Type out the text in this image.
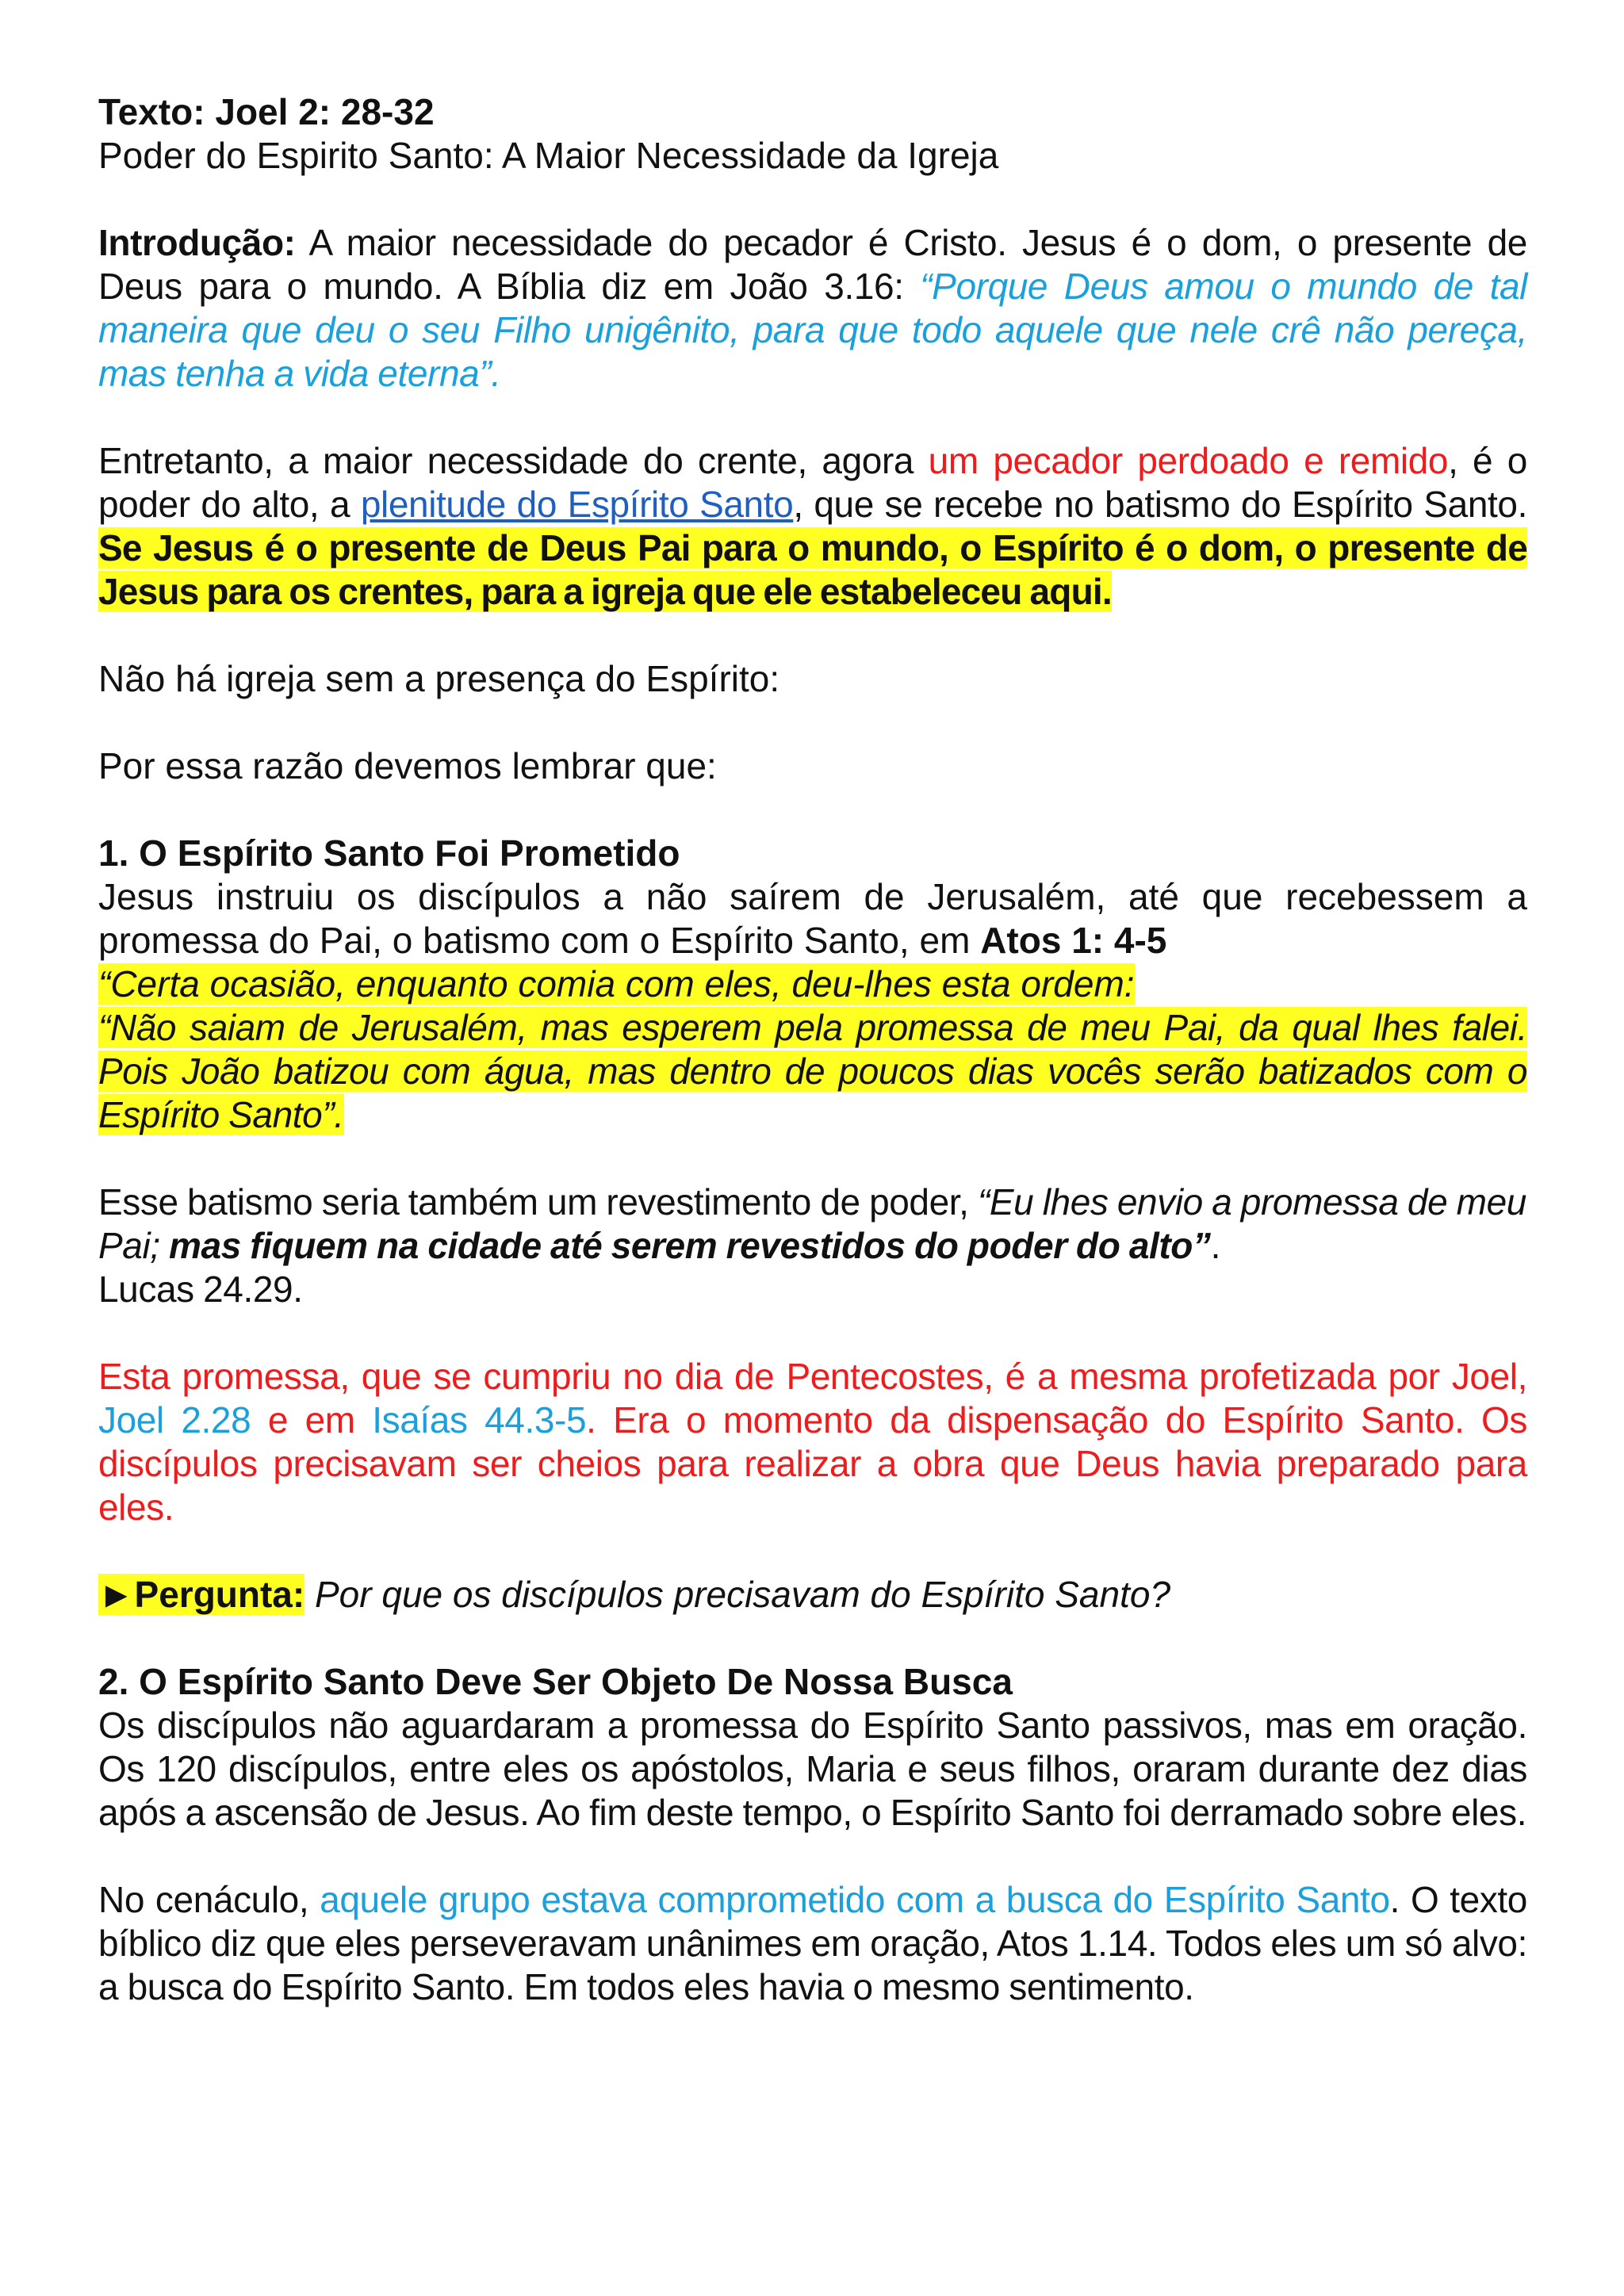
Texto: Joel 2: 28-32

Poder do Espirito Santo: A Maior Necessidade da Igreja

Introdução: A maior necessidade do pecador é Cristo. Jesus é o dom, o presente de Deus para o mundo. A Bíblia diz em João 3.16: “Porque Deus amou o mundo de tal maneira que deu o seu Filho unigênito, para que todo aquele que nele crê não pereça, mas tenha a vida eterna”.

Entretanto, a maior necessidade do crente, agora um pecador perdoado e remido, é o poder do alto, a plenitude do Espírito Santo, que se recebe no batismo do Espírito Santo. Se Jesus é o presente de Deus Pai para o mundo, o Espírito é o dom, o presente de Jesus para os crentes, para a igreja que ele estabeleceu aqui.

Não há igreja sem a presença do Espírito:

Por essa razão devemos lembrar que:

1. O Espírito Santo Foi Prometido

Jesus instruiu os discípulos a não saírem de Jerusalém, até que recebessem a promessa do Pai, o batismo com o Espírito Santo, em Atos 1: 4-5

“Certa ocasião, enquanto comia com eles, deu-lhes esta ordem:

“Não saiam de Jerusalém, mas esperem pela promessa de meu Pai, da qual lhes falei. Pois João batizou com água, mas dentro de poucos dias vocês serão batizados com o Espírito Santo”.

Esse batismo seria também um revestimento de poder, “Eu lhes envio a promessa de meu Pai; mas fiquem na cidade até serem revestidos do poder do alto”.
Lucas 24.29.

Esta promessa, que se cumpriu no dia de Pentecostes, é a mesma profetizada por Joel, Joel 2.28 e em Isaías 44.3-5. Era o momento da dispensação do Espírito Santo. Os discípulos precisavam ser cheios para realizar a obra que Deus havia preparado para eles.

►Pergunta: Por que os discípulos precisavam do Espírito Santo?

2. O Espírito Santo Deve Ser Objeto De Nossa Busca

Os discípulos não aguardaram a promessa do Espírito Santo passivos, mas em oração. Os 120 discípulos, entre eles os apóstolos, Maria e seus filhos, oraram durante dez dias após a ascensão de Jesus. Ao fim deste tempo, o Espírito Santo foi derramado sobre eles.

No cenáculo, aquele grupo estava comprometido com a busca do Espírito Santo. O texto bíblico diz que eles perseveravam unânimes em oração, Atos 1.14. Todos eles um só alvo: a busca do Espírito Santo. Em todos eles havia o mesmo sentimento.
